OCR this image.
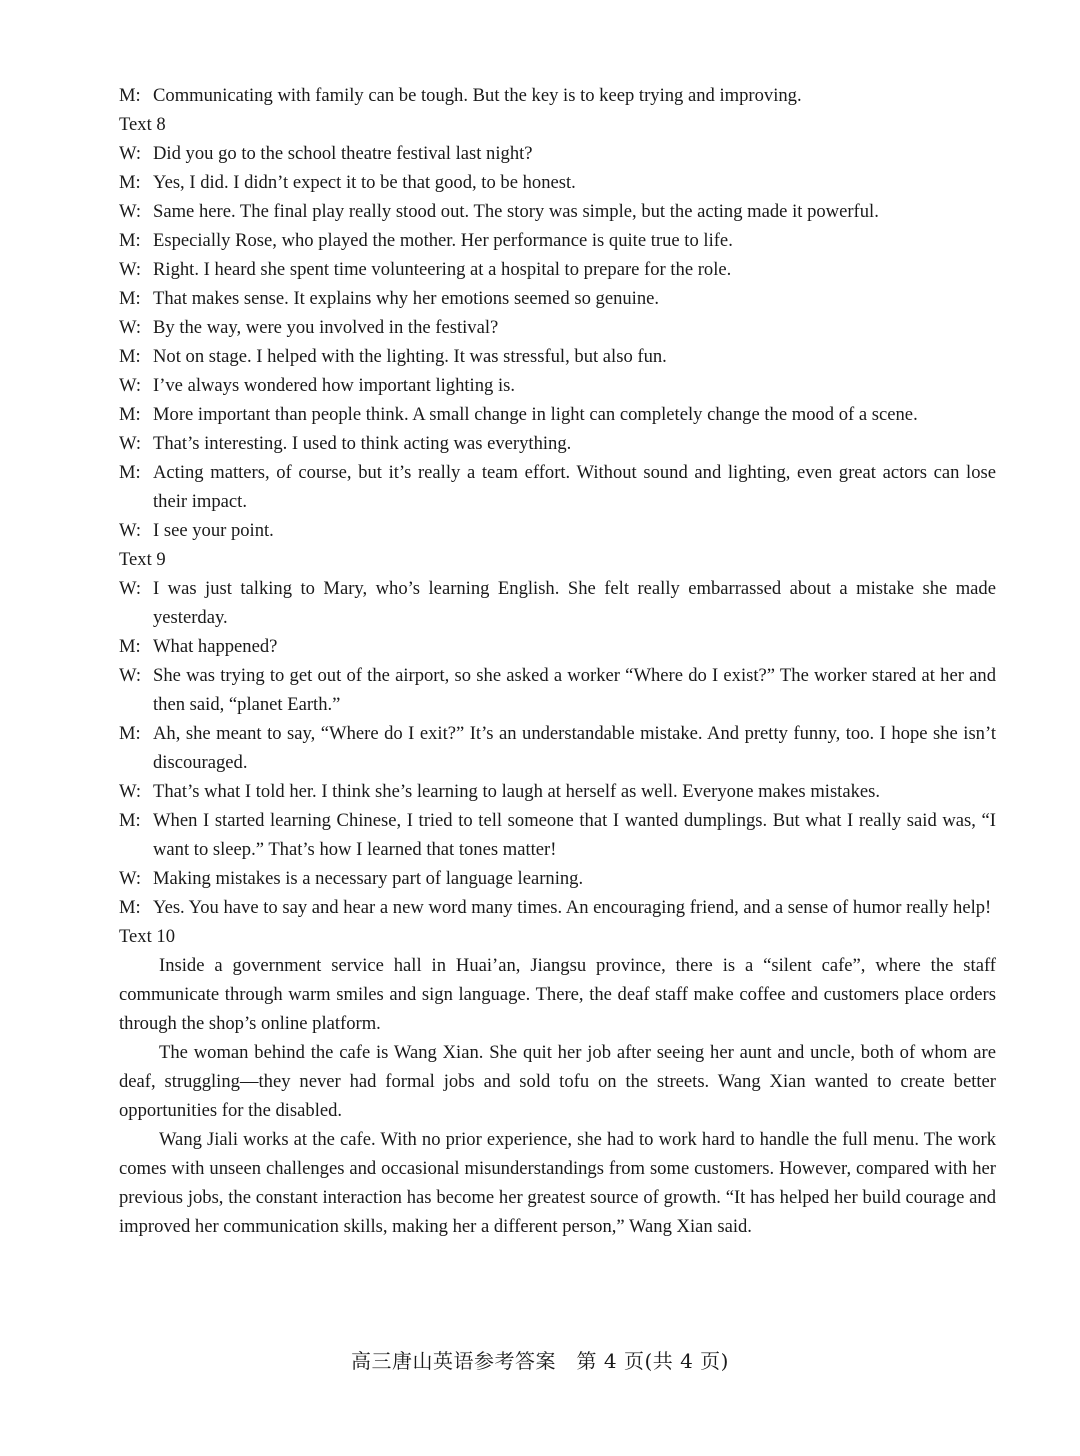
M: Communicating with family can be tough. But the key is to keep trying and improving.
Text 8
W: Did you go to the school theatre festival last night?
M: Yes, I did. I didn’t expect it to be that good, to be honest.
W: Same here. The final play really stood out. The story was simple, but the acting made it powerful.
M: Especially Rose, who played the mother. Her performance is quite true to life.
W: Right. I heard she spent time volunteering at a hospital to prepare for the role.
M: That makes sense. It explains why her emotions seemed so genuine.
W: By the way, were you involved in the festival?
M: Not on stage. I helped with the lighting. It was stressful, but also fun.
W: I’ve always wondered how important lighting is.
M: More important than people think. A small change in light can completely change the mood of a scene.
W: That’s interesting. I used to think acting was everything.
M: Acting matters, of course, but it’s really a team effort. Without sound and lighting, even great actors can lose their impact.
W: I see your point.
Text 9
W: I was just talking to Mary, who’s learning English. She felt really embarrassed about a mistake she made yesterday.
M: What happened?
W: She was trying to get out of the airport, so she asked a worker “Where do I exist?” The worker stared at her and then said, “planet Earth.”
M: Ah, she meant to say, “Where do I exit?” It’s an understandable mistake. And pretty funny, too. I hope she isn’t discouraged.
W: That’s what I told her. I think she’s learning to laugh at herself as well. Everyone makes mistakes.
M: When I started learning Chinese, I tried to tell someone that I wanted dumplings. But what I really said was, “I want to sleep.” That’s how I learned that tones matter!
W: Making mistakes is a necessary part of language learning.
M: Yes. You have to say and hear a new word many times. An encouraging friend, and a sense of humor really help!
Text 10
Inside a government service hall in Huai’an, Jiangsu province, there is a “silent cafe”, where the staff communicate through warm smiles and sign language. There, the deaf staff make coffee and customers place orders through the shop’s online platform.
The woman behind the cafe is Wang Xian. She quit her job after seeing her aunt and uncle, both of whom are deaf, struggling—they never had formal jobs and sold tofu on the streets. Wang Xian wanted to create better opportunities for the disabled.
Wang Jiali works at the cafe. With no prior experience, she had to work hard to handle the full menu. The work comes with unseen challenges and occasional misunderstandings from some customers. However, compared with her previous jobs, the constant interaction has become her greatest source of growth. “It has helped her build courage and improved her communication skills, making her a different person,” Wang Xian said.
高三唐山英语参考答案　第 4 页(共 4 页)
